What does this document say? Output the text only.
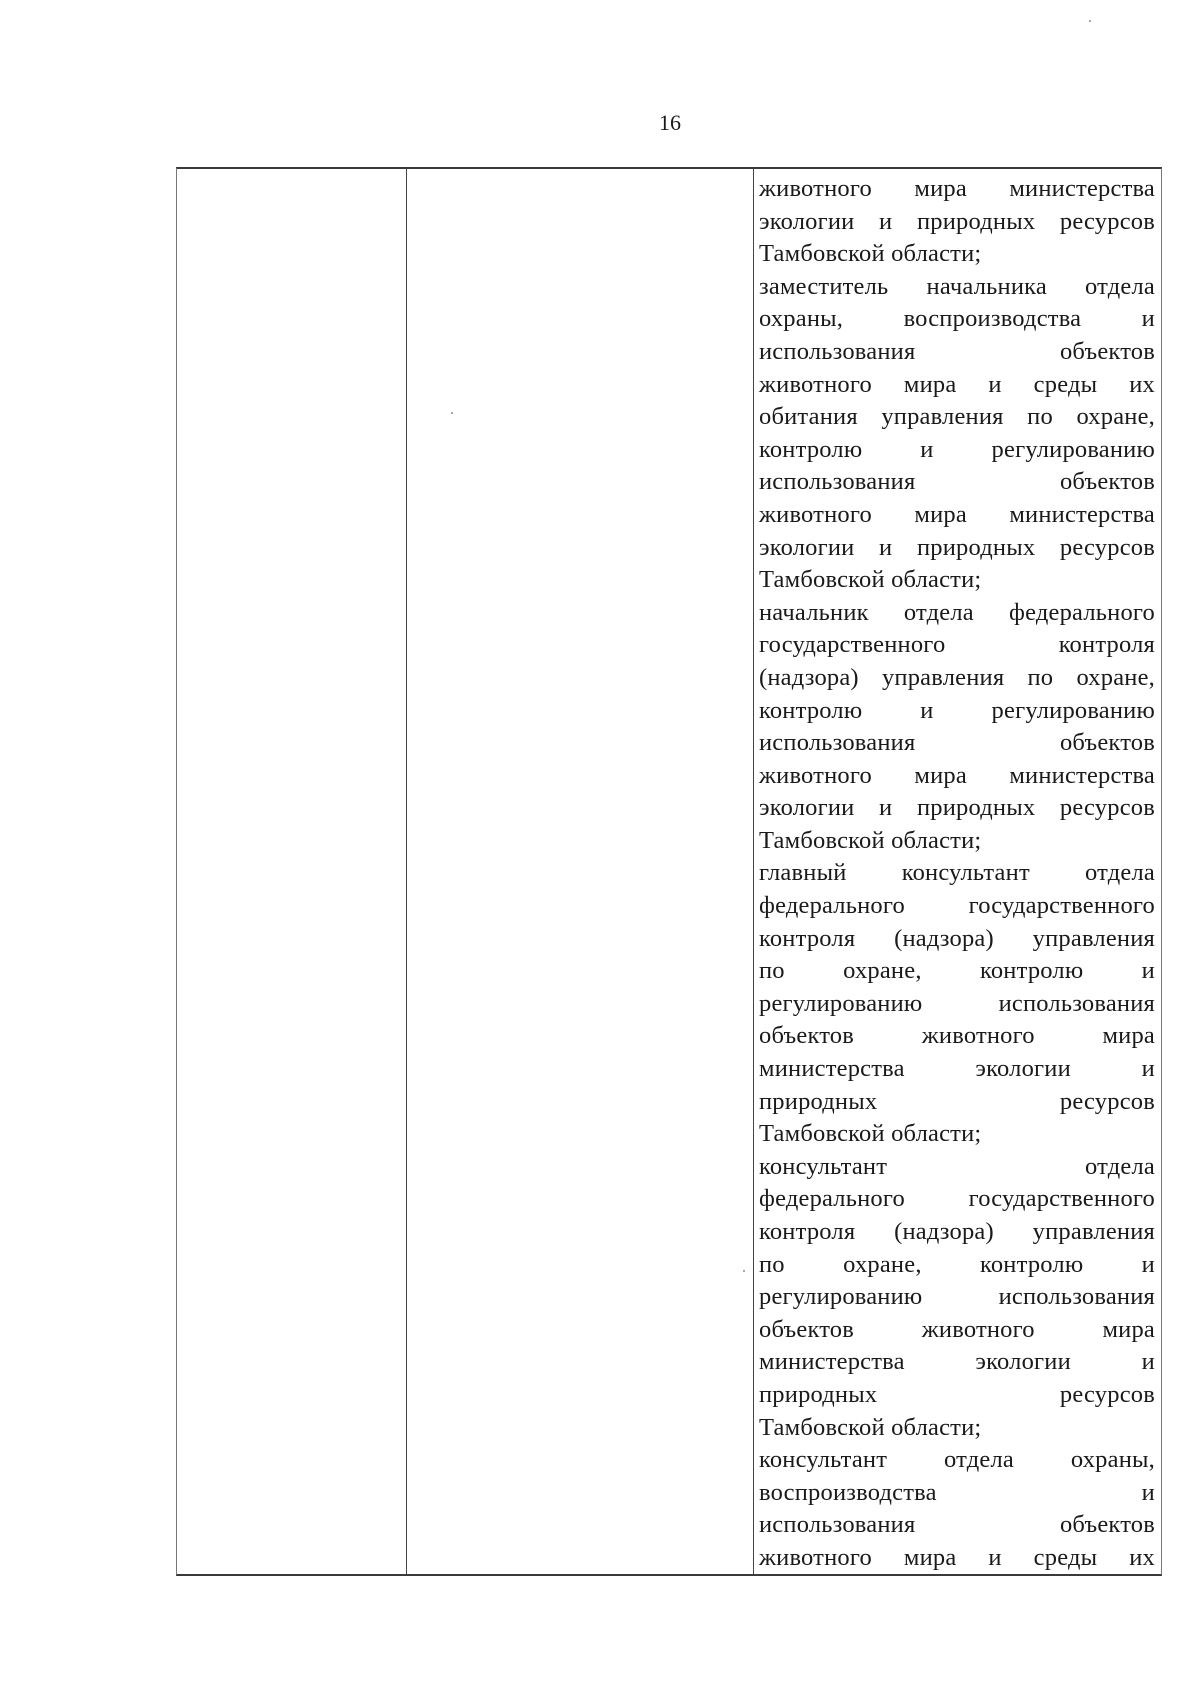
16
животного мира министерства
экологии и природных ресурсов
Тамбовской области;
заместитель начальника отдела
охраны, воспроизводства и
использования объектов
животного мира и среды их
обитания управления по охране,
контролю и регулированию
использования объектов
животного мира министерства
экологии и природных ресурсов
Тамбовской области;
начальник отдела федерального
государственного контроля
(надзора) управления по охране,
контролю и регулированию
использования объектов
животного мира министерства
экологии и природных ресурсов
Тамбовской области;
главный консультант отдела
федерального государственного
контроля (надзора) управления
по охране, контролю и
регулированию использования
объектов животного мира
министерства экологии и
природных ресурсов
Тамбовской области;
консультант отдела
федерального государственного
контроля (надзора) управления
по охране, контролю и
регулированию использования
объектов животного мира
министерства экологии и
природных ресурсов
Тамбовской области;
консультант отдела охраны,
воспроизводства и
использования объектов
животного мира и среды их
